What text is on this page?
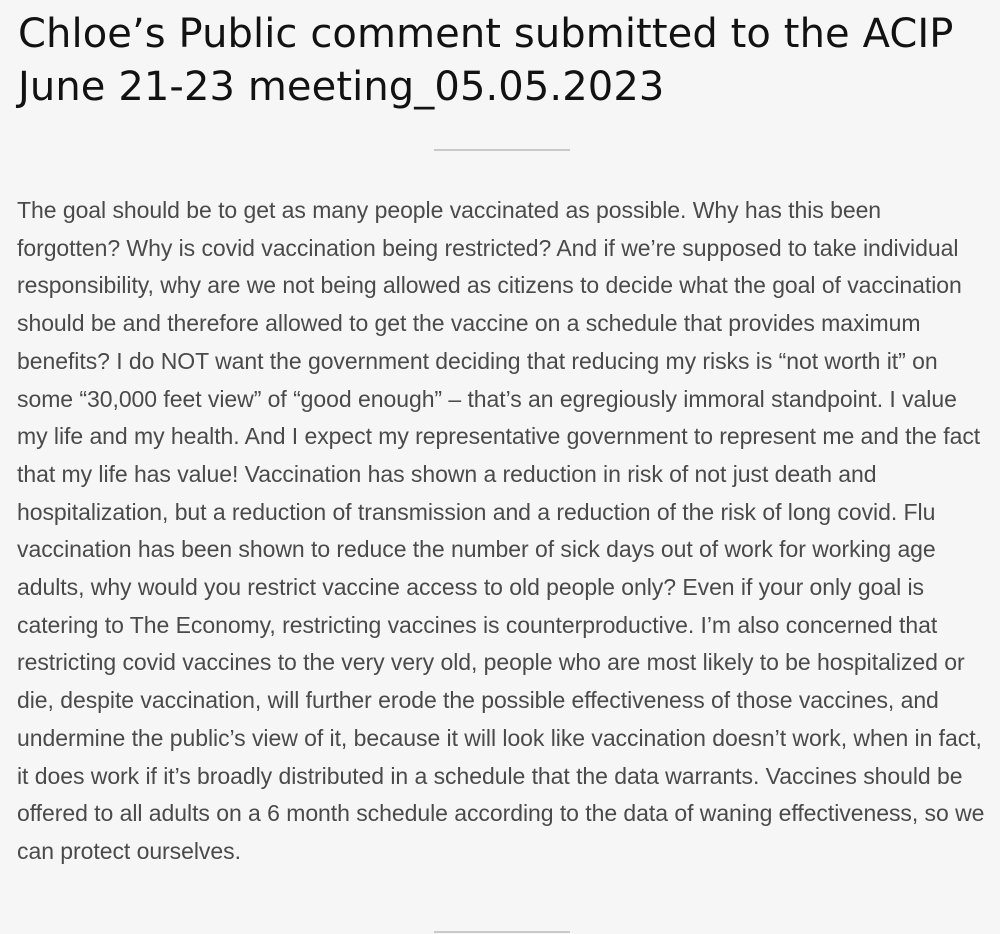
Chloe’s Public comment submitted to the ACIP June 21-23 meeting_05.05.2023

The goal should be to get as many people vaccinated as possible. Why has this been forgotten? Why is covid vaccination being restricted? And if we’re supposed to take individual responsibility, why are we not being allowed as citizens to decide what the goal of vaccination should be and therefore allowed to get the vaccine on a schedule that provides maximum benefits? I do NOT want the government deciding that reducing my risks is “not worth it” on some “30,000 feet view” of “good enough” – that’s an egregiously immoral standpoint. I value my life and my health. And I expect my representative government to represent me and the fact that my life has value! Vaccination has shown a reduction in risk of not just death and hospitalization, but a reduction of transmission and a reduction of the risk of long covid. Flu vaccination has been shown to reduce the number of sick days out of work for working age adults, why would you restrict vaccine access to old people only? Even if your only goal is catering to The Economy, restricting vaccines is counterproductive. I’m also concerned that restricting covid vaccines to the very very old, people who are most likely to be hospitalized or die, despite vaccination, will further erode the possible effectiveness of those vaccines, and undermine the public’s view of it, because it will look like vaccination doesn’t work, when in fact, it does work if it’s broadly distributed in a schedule that the data warrants. Vaccines should be offered to all adults on a 6 month schedule according to the data of waning effectiveness, so we can protect ourselves.
